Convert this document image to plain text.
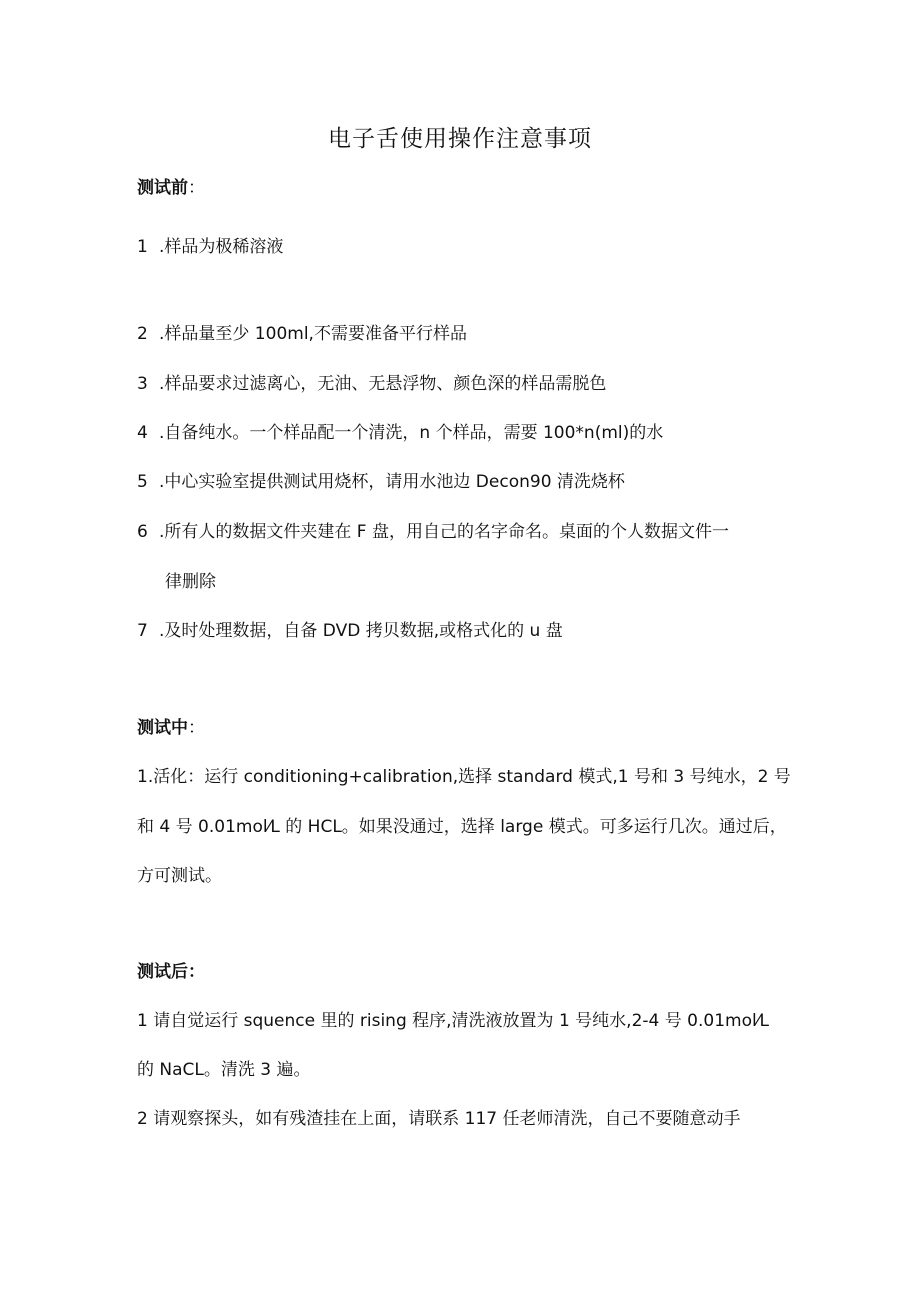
电子舌使用操作注意事项
测试前：
1 .样品为极稀溶液
2 .样品量至少 100ml,不需要准备平行样品
3 .样品要求过滤离心，无油、无悬浮物、颜色深的样品需脱色
4 .自备纯水。一个样品配一个清洗，n 个样品，需要 100*n(ml)的水
5 .中心实验室提供测试用烧杯，请用水池边 Decon90 清洗烧杯
6 .所有人的数据文件夹建在 F 盘，用自己的名字命名。桌面的个人数据文件一
律删除
7 .及时处理数据，自备 DVD 拷贝数据,或格式化的 u 盘
测试中：
1.活化：运行 conditioning+calibration,选择 standard 模式,1 号和 3 号纯水，2 号
和 4 号 0.01mol⁄L 的 HCL。如果没通过，选择 large 模式。可多运行几次。通过后，
方可测试。
测试后：
1 请自觉运行 squence 里的 rising 程序,清洗液放置为 1 号纯水,2-4 号 0.01mol⁄L
的 NaCL。清洗 3 遍。
2 请观察探头，如有残渣挂在上面，请联系 117 任老师清洗，自己不要随意动手
